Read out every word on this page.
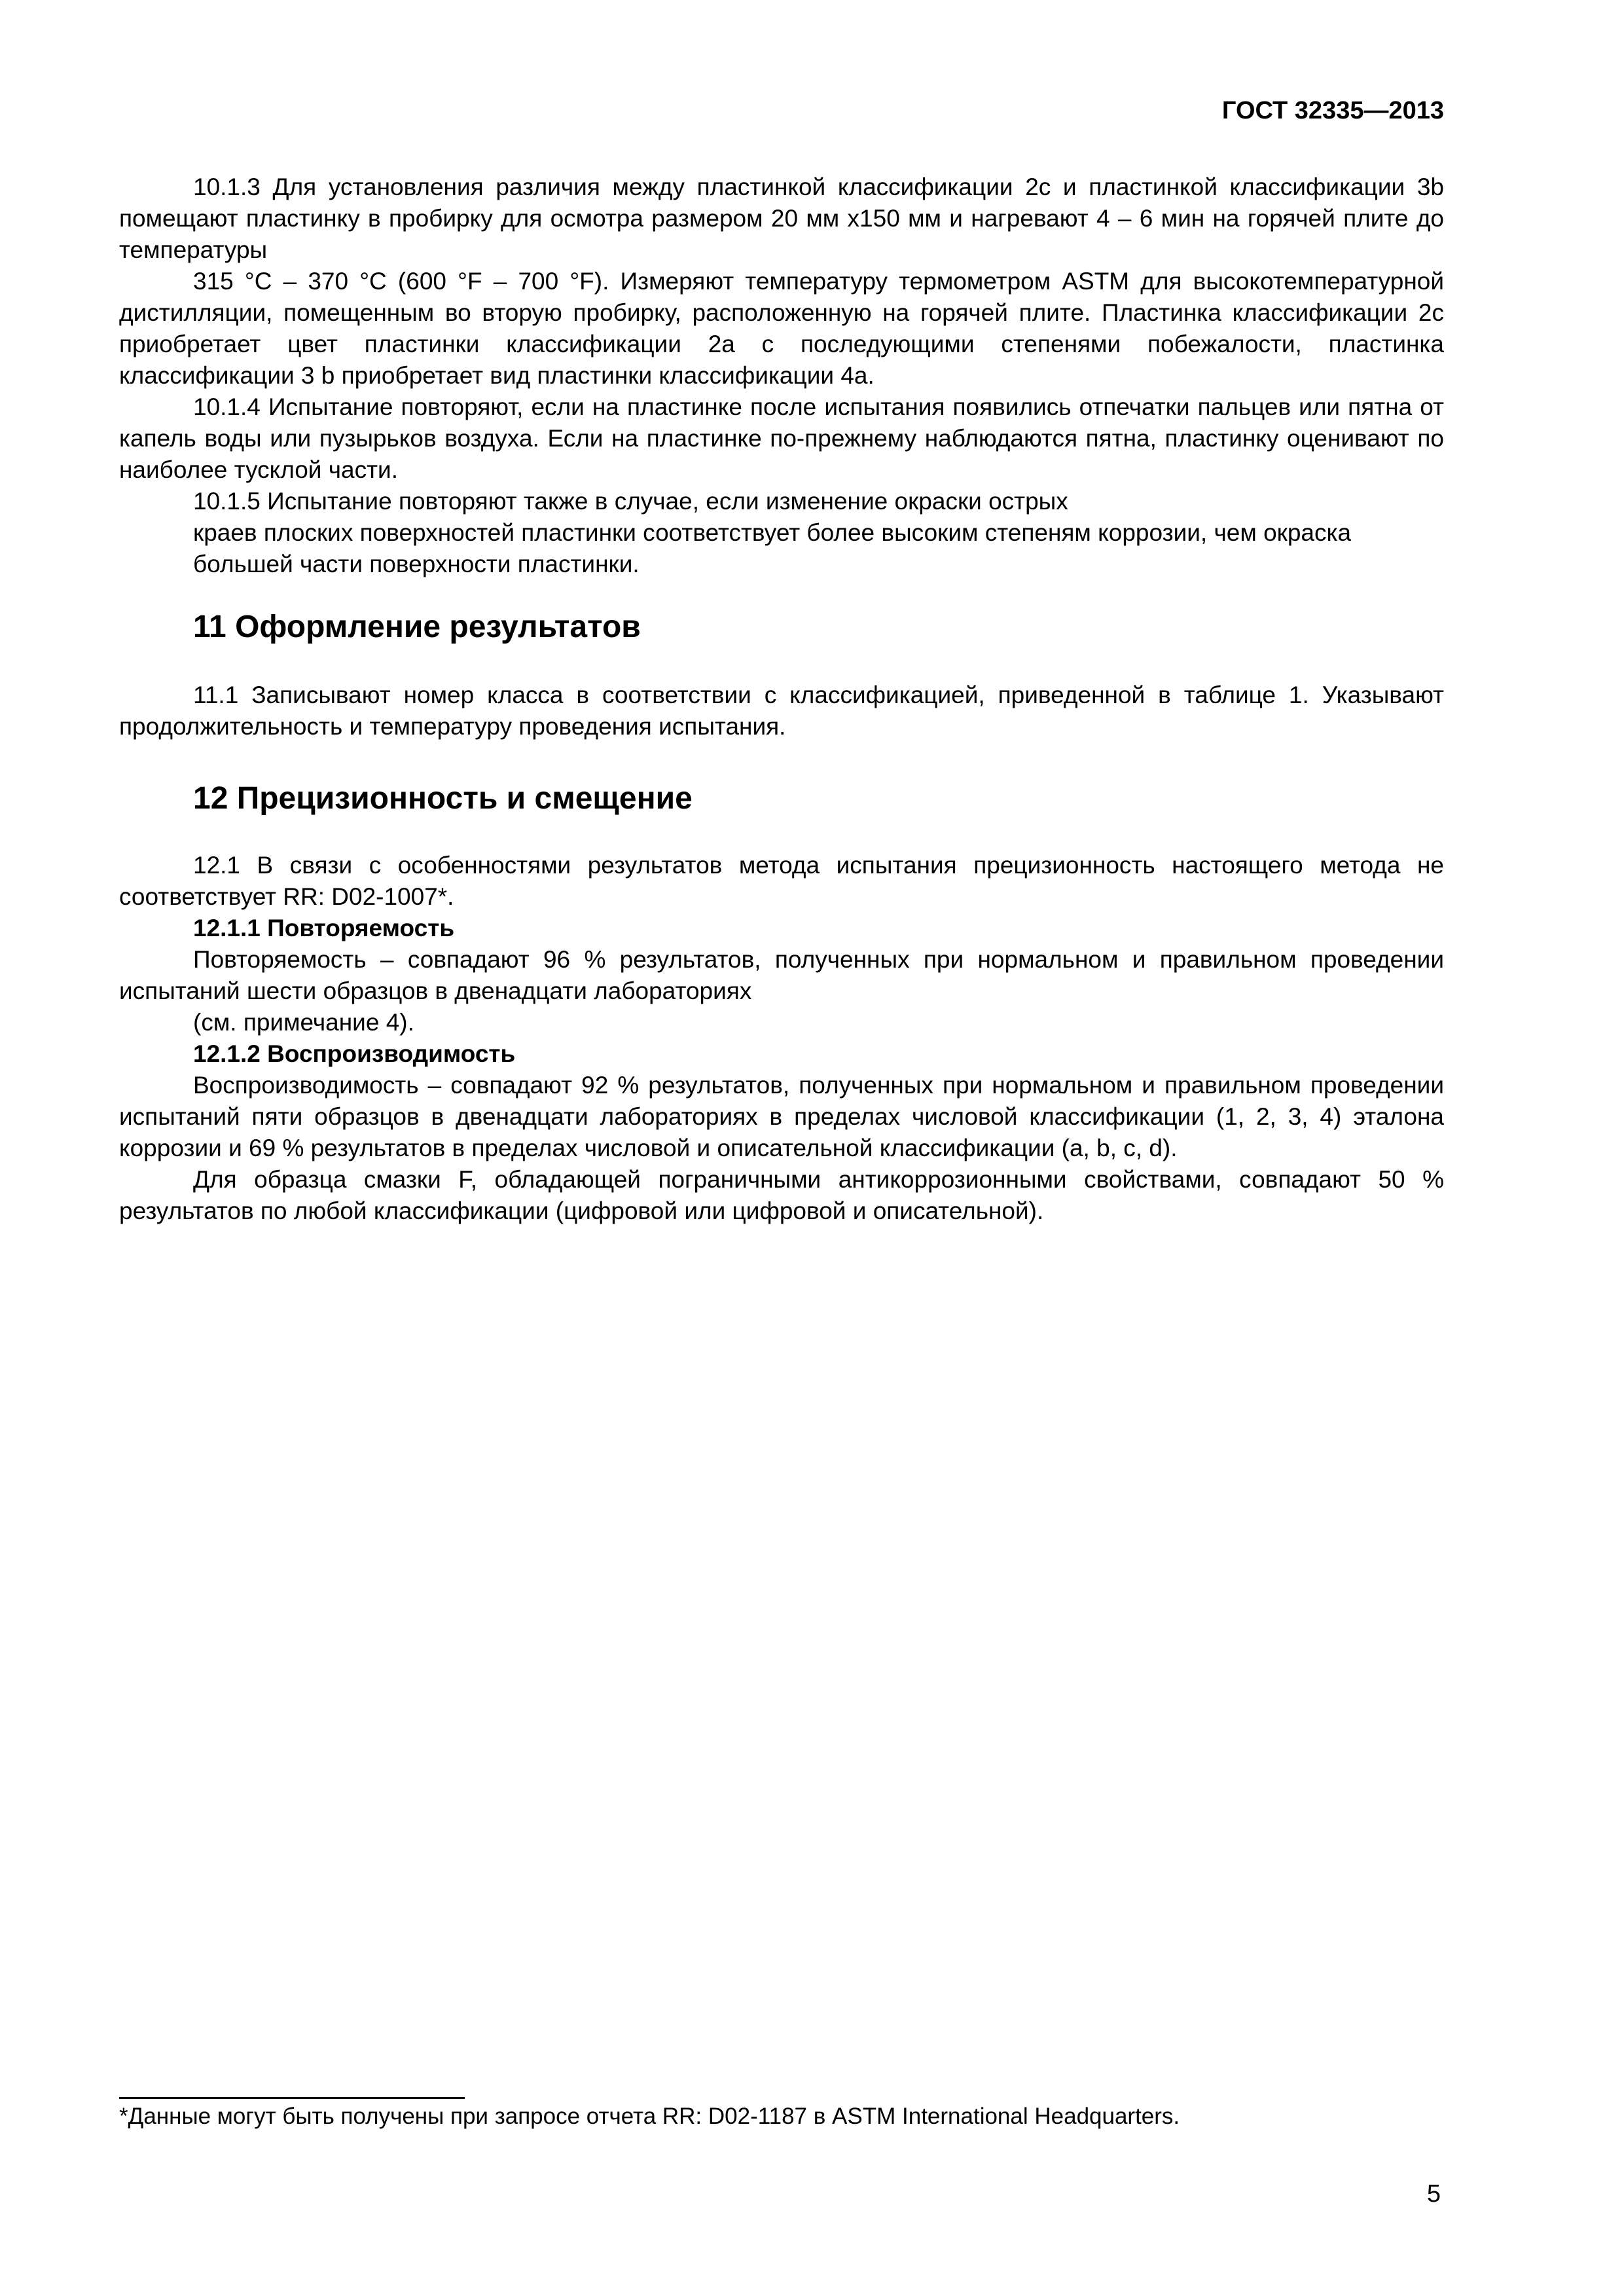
ГОСТ 32335—2013

10.1.3 Для установления различия между пластинкой классификации 2с и пластинкой классификации 3b помещают пластинку в пробирку для осмотра размером 20 мм х150 мм и нагревают 4 – 6 мин на горячей плите до температуры

315 °C – 370 °C (600 °F – 700 °F). Измеряют температуру термометром ASTM для высокотемпературной дистилляции, помещенным во вторую пробирку, расположенную на горячей плите. Пластинка классификации 2с приобретает цвет пластинки классификации 2а с последующими степенями побежалости, пластинка классификации 3 b приобретает вид пластинки классификации 4а.

10.1.4 Испытание повторяют, если на пластинке после испытания появились отпечатки пальцев или пятна от капель воды или пузырьков воздуха. Если на пластинке по-прежнему наблюдаются пятна, пластинку оценивают по наиболее тусклой части.

10.1.5 Испытание повторяют также в случае, если изменение окраски острых

краев плоских поверхностей пластинки соответствует более высоким степеням коррозии, чем окраска большей части поверхности пластинки.

11 Оформление результатов

11.1 Записывают номер класса в соответствии с классификацией, приведенной в таблице 1. Указывают продолжительность и температуру проведения испытания.

12 Прецизионность и смещение

12.1 В связи с особенностями результатов метода испытания прецизионность настоящего метода не соответствует RR: D02-1007*.

12.1.1 Повторяемость

Повторяемость – совпадают 96 % результатов, полученных при нормальном и правильном проведении испытаний шести образцов в двенадцати лабораториях

(см. примечание 4).

12.1.2 Воспроизводимость

Воспроизводимость – совпадают 92 % результатов, полученных при нормальном и правильном проведении испытаний пяти образцов в двенадцати лабораториях в пределах числовой классификации (1, 2, 3, 4) эталона коррозии и 69 % результатов в пределах числовой и описательной классификации (a, b, c, d).

Для образца смазки F, обладающей пограничными антикоррозионными свойствами, совпадают 50 % результатов по любой классификации (цифровой или цифровой и описательной).

*Данные могут быть получены при запросе отчета RR: D02-1187 в ASTM International Headquarters.
5
